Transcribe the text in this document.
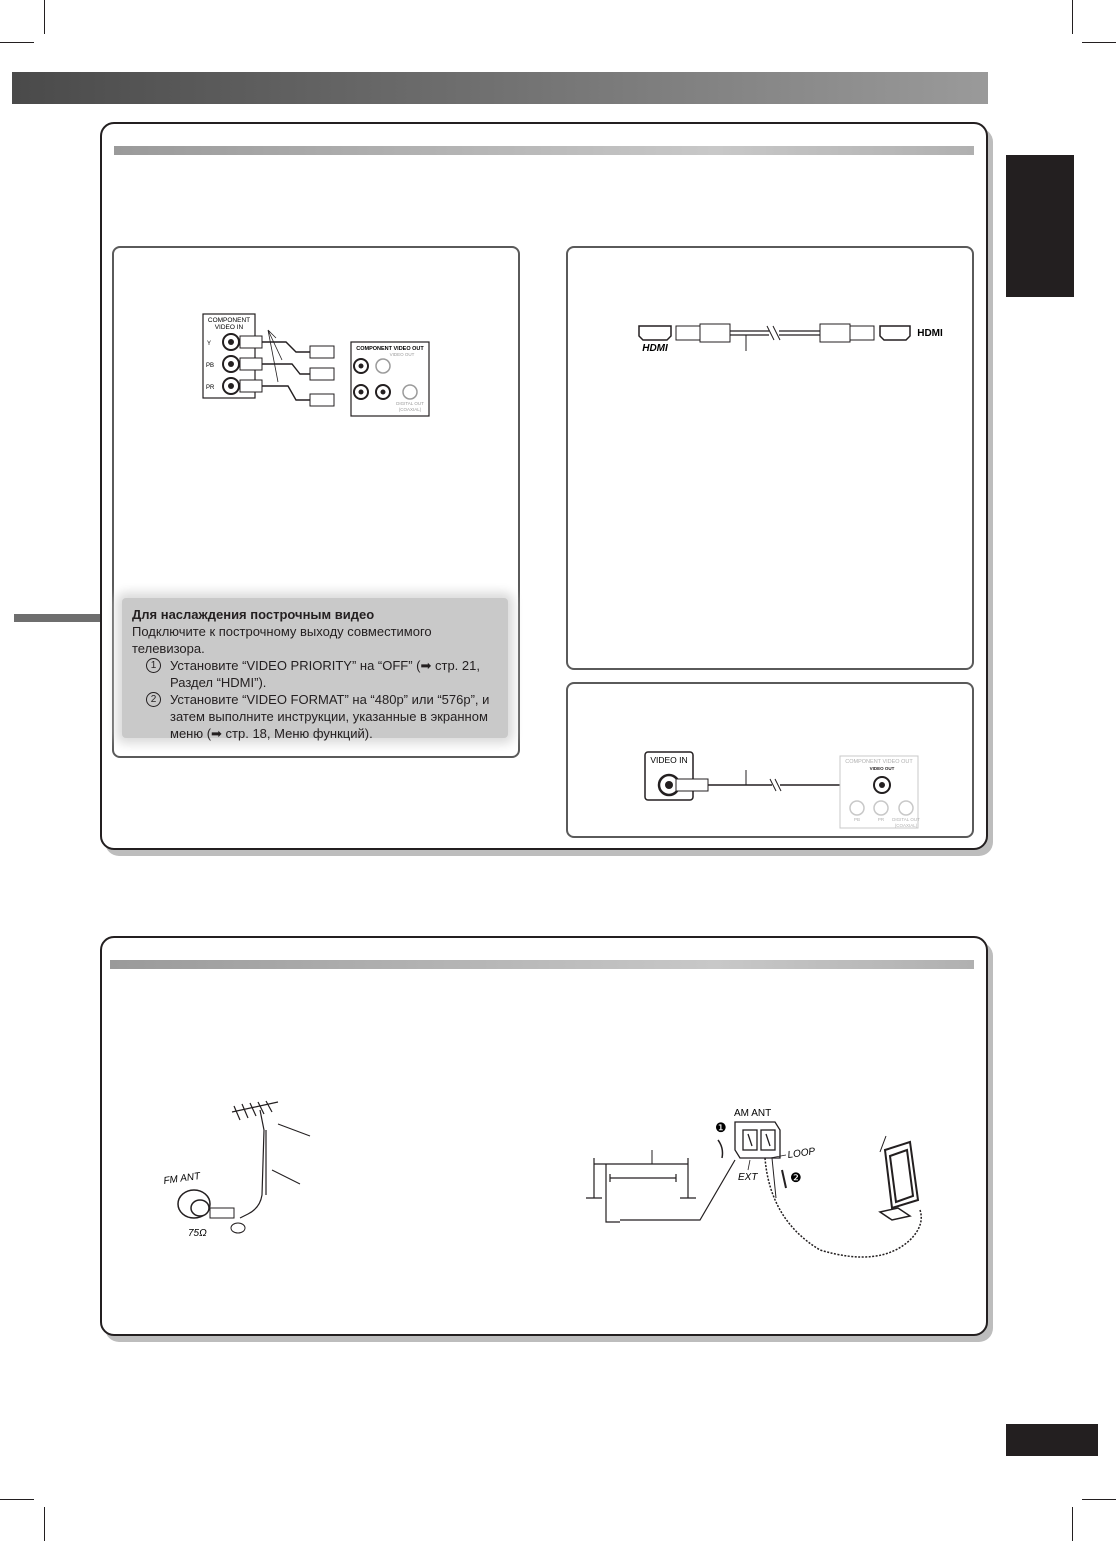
COMPONENT
VIDEO IN
Y
PB
PR
COMPONENT VIDEO OUT
VIDEO OUT
DIGITAL OUT
(COAXIAL)
Для наслаждения построчным видео
Подключите к построчному выходу совместимого
телевизора.
1	Установите “VIDEO PRIORITY” на “OFF” (➡ стр. 21,
Раздел “HDMI”).
2	Установите “VIDEO FORMAT” на “480p” или “576p”, и
затем выполните инструкции, указанные в экранном
меню (➡ стр. 18, Меню функций).
HDMI
HDMI
VIDEO IN	COMPONENT VIDEO OUT
VIDEO OUT
PB	PR DIGITAL OUT
(COAXIAL)
FM ANT
75Ω
AM ANT
❶
LOOP
EXT	❷
